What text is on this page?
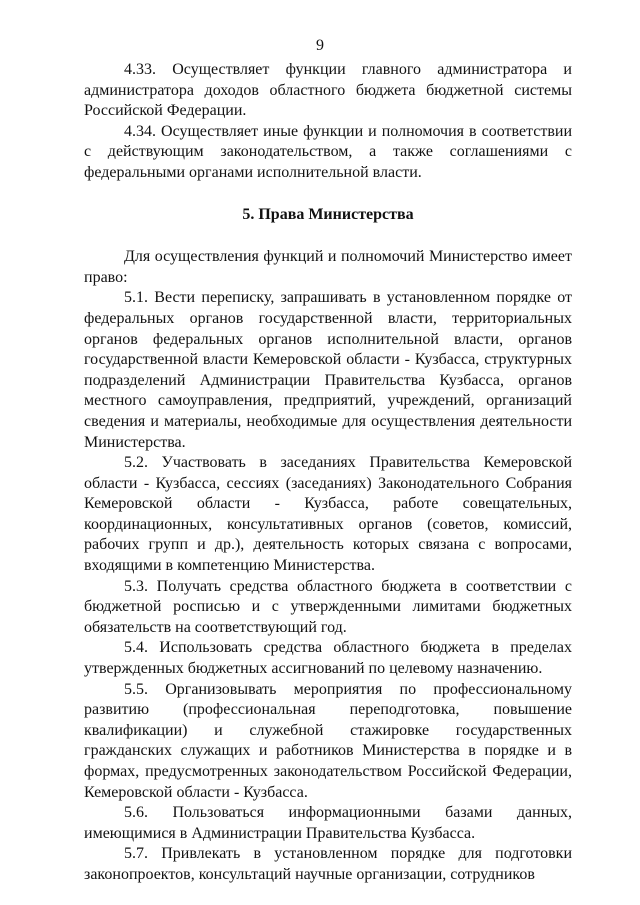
9

4.33. Осуществляет функции главного администратора и администратора доходов областного бюджета бюджетной системы Российской Федерации.

4.34. Осуществляет иные функции и полномочия в соответствии с действующим законодательством, а также соглашениями с федеральными органами исполнительной власти.

5. Права Министерства

Для осуществления функций и полномочий Министерство имеет право:

5.1. Вести переписку, запрашивать в установленном порядке от федеральных органов государственной власти, территориальных органов федеральных органов исполнительной власти, органов государственной власти Кемеровской области - Кузбасса, структурных подразделений Администрации Правительства Кузбасса, органов местного самоуправления, предприятий, учреждений, организаций сведения и материалы, необходимые для осуществления деятельности Министерства.

5.2. Участвовать в заседаниях Правительства Кемеровской области - Кузбасса, сессиях (заседаниях) Законодательного Собрания Кемеровской области - Кузбасса, работе совещательных, координационных, консультативных органов (советов, комиссий, рабочих групп и др.), деятельность которых связана с вопросами, входящими в компетенцию Министерства.

5.3. Получать средства областного бюджета в соответствии с бюджетной росписью и с утвержденными лимитами бюджетных обязательств на соответствующий год.

5.4. Использовать средства областного бюджета в пределах утвержденных бюджетных ассигнований по целевому назначению.

5.5. Организовывать мероприятия по профессиональному развитию (профессиональная переподготовка, повышение квалификации) и служебной стажировке государственных гражданских служащих и работников Министерства в порядке и в формах, предусмотренных законодательством Российской Федерации, Кемеровской области - Кузбасса.

5.6. Пользоваться информационными базами данных, имеющимися в Администрации Правительства Кузбасса.

5.7. Привлекать в установленном порядке для подготовки законопроектов, консультаций научные организации, сотрудников
